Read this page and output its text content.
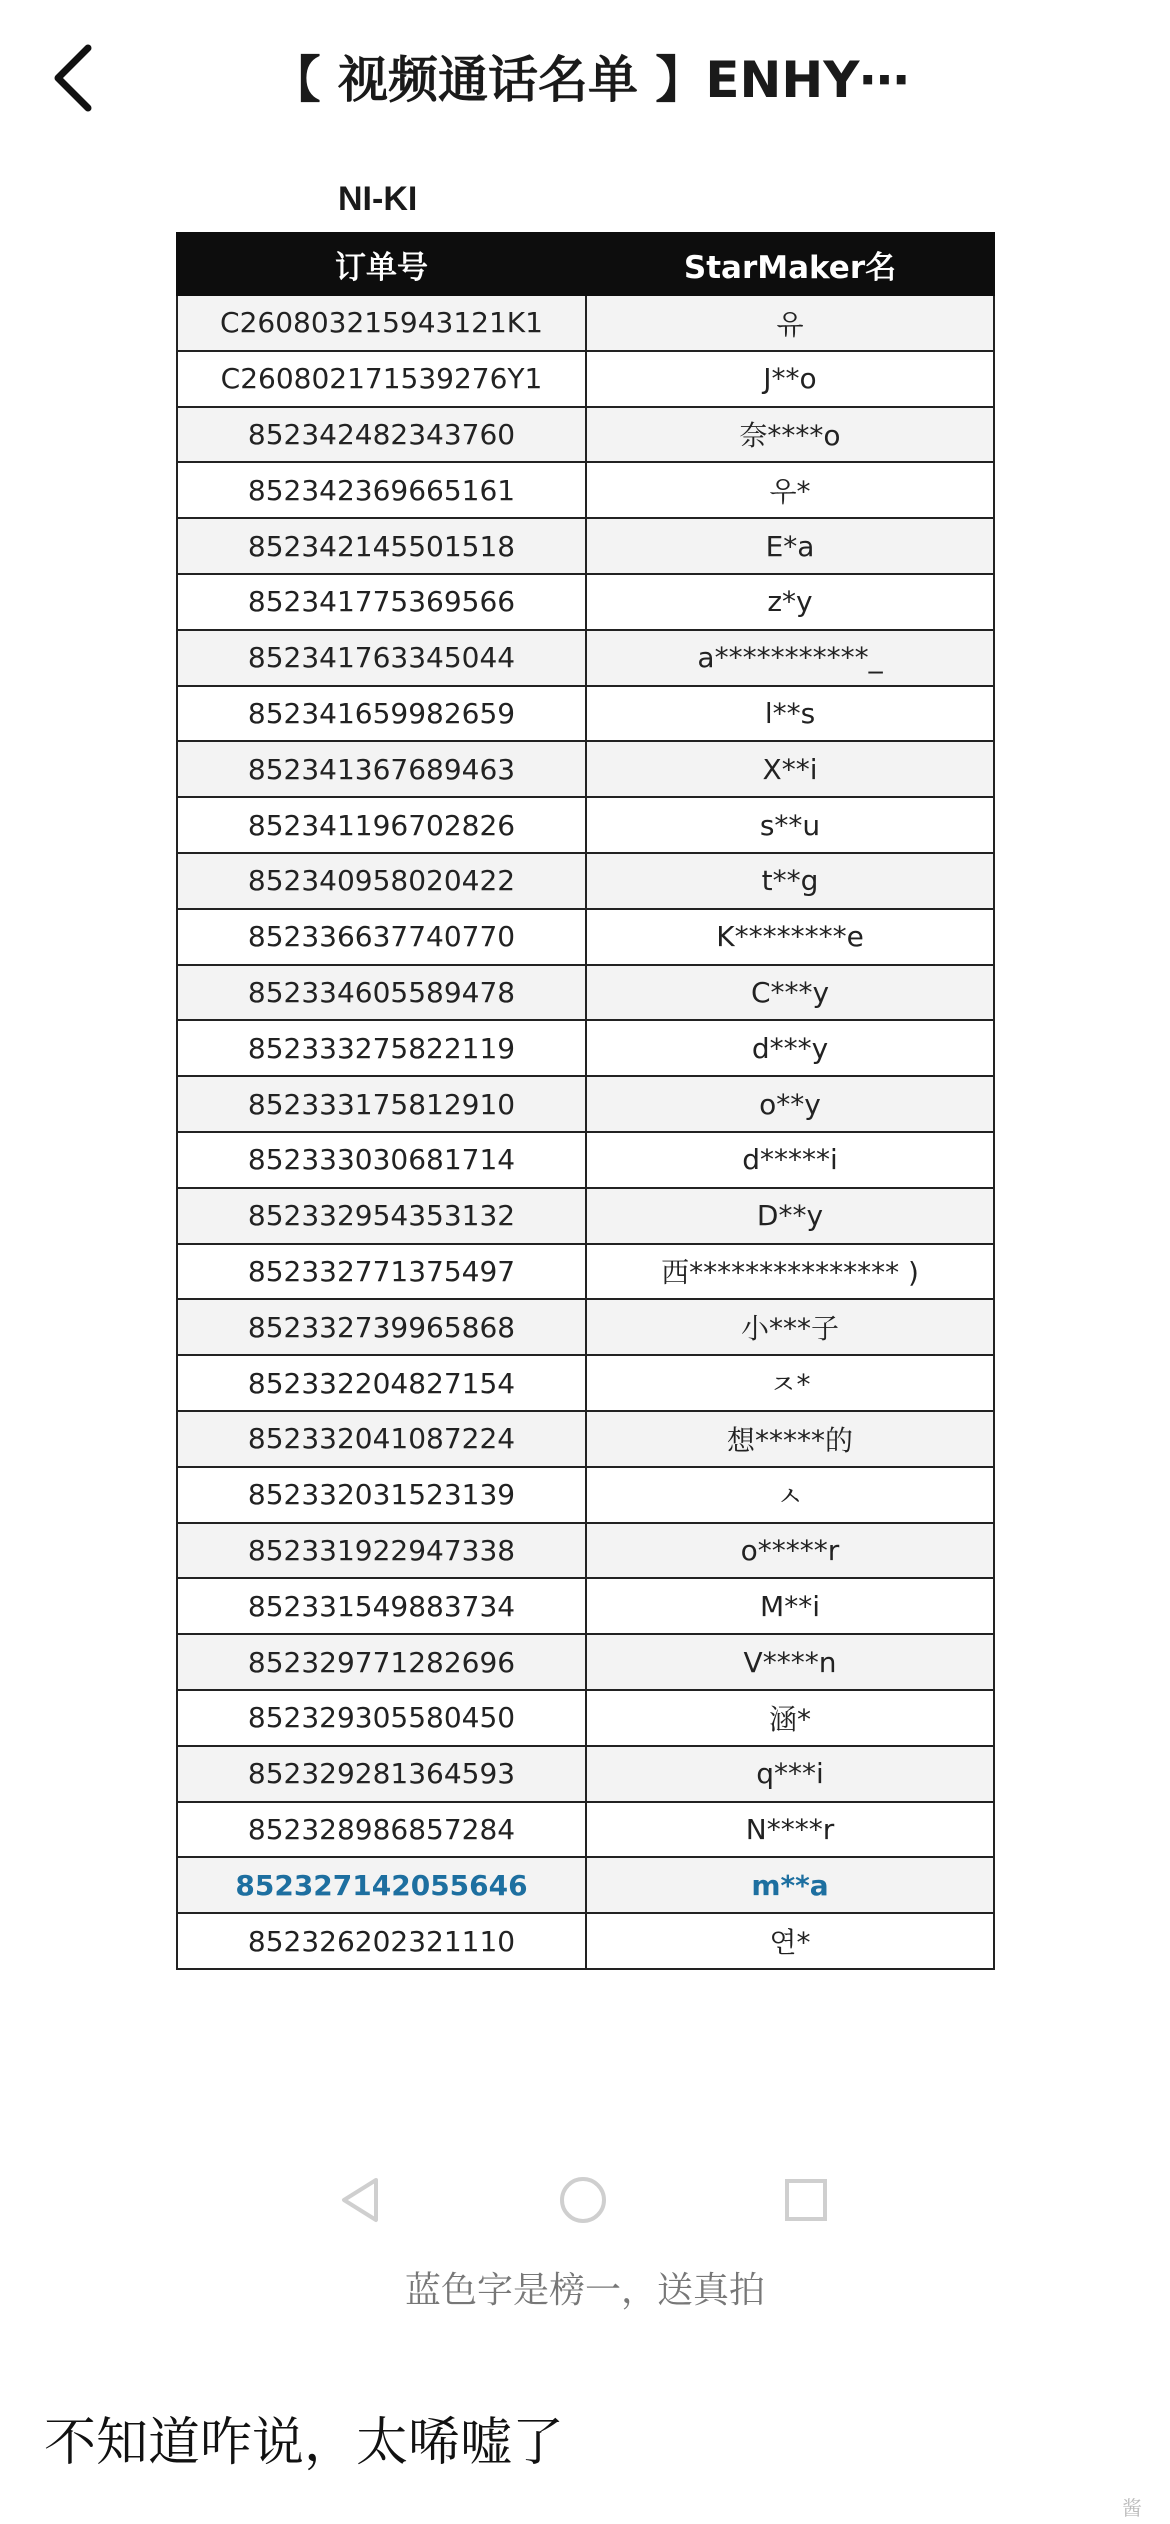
【 视频通话名单 】ENHY⋯
NI-KI
订单号	StarMaker名
C260803215943121K1	유
C260802171539276Y1	J**o
852342482343760	奈****o
852342369665161	우*
852342145501518	E*a
852341775369566	z*y
852341763345044	a***********_
852341659982659	l**s
852341367689463	X**i
852341196702826	s**u
852340958020422	t**g
852336637740770	K********e
852334605589478	C***y
852333275822119	d***y
852333175812910	o**y
852333030681714	d*****i
852332954353132	D**y
852332771375497	西*************** )
852332739965868	小***子
852332204827154	ㅈ*
852332041087224	想*****的
852332031523139	ㅅ
852331922947338	o*****r
852331549883734	M**i
852329771282696	V****n
852329305580450	涵*
852329281364593	q***i
852328986857284	N****r
852327142055646	m**a
852326202321110	연*
蓝色字是榜一，送真拍
不知道咋说，太唏嘘了
酱
